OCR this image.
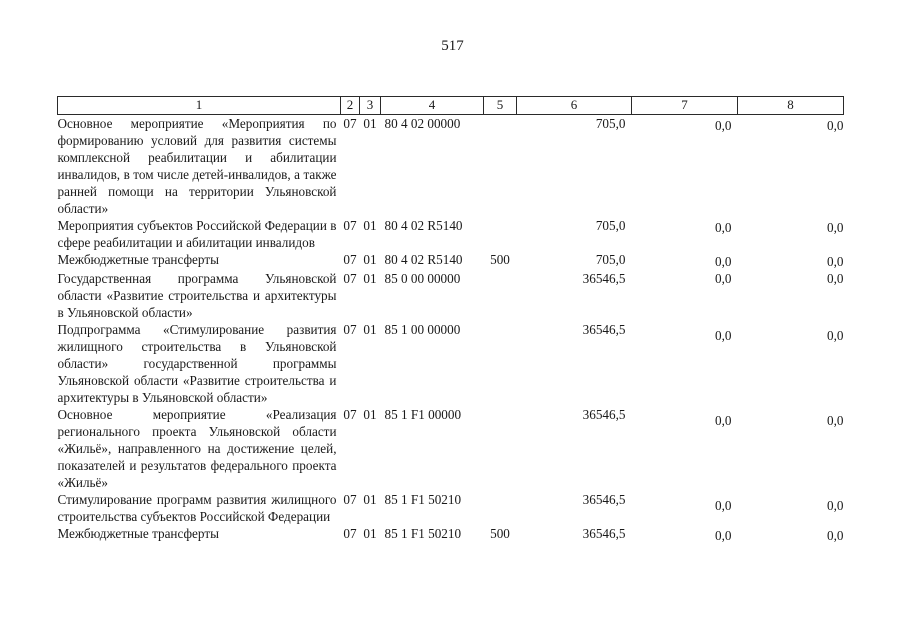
517
1	2	3	4	5	6	7	8
Основное мероприятие «Мероприятия по формированию условий для развития системы комплексной реабилитации и абилитации инвалидов, в том числе детей-инвалидов, а также ранней помощи на территории Ульяновской области»	07	01	80 4 02 00000		705,0	0,0	0,0
Мероприятия субъектов Российской Федерации в сфере реабилитации и абилитации инвалидов	07	01	80 4 02 R5140		705,0	0,0	0,0
Межбюджетные трансферты	07	01	80 4 02 R5140	500	705,0	0,0	0,0
Государственная программа Ульяновской области «Развитие строительства и архитектуры в Ульяновской области»	07	01	85 0 00 00000		36546,5	0,0	0,0
Подпрограмма «Стимулирование развития жилищного строительства в Ульяновской области» государственной программы Ульяновской области «Развитие строительства и архитектуры в Ульяновской области»	07	01	85 1 00 00000		36546,5	0,0	0,0
Основное мероприятие «Реализация регионального проекта Ульяновской области «Жильё», направленного на достижение целей, показателей и результатов федерального проекта «Жильё»	07	01	85 1 F1 00000		36546,5	0,0	0,0
Стимулирование программ развития жилищного строительства субъектов Российской Федерации	07	01	85 1 F1 50210		36546,5	0,0	0,0
Межбюджетные трансферты	07	01	85 1 F1 50210	500	36546,5	0,0	0,0
